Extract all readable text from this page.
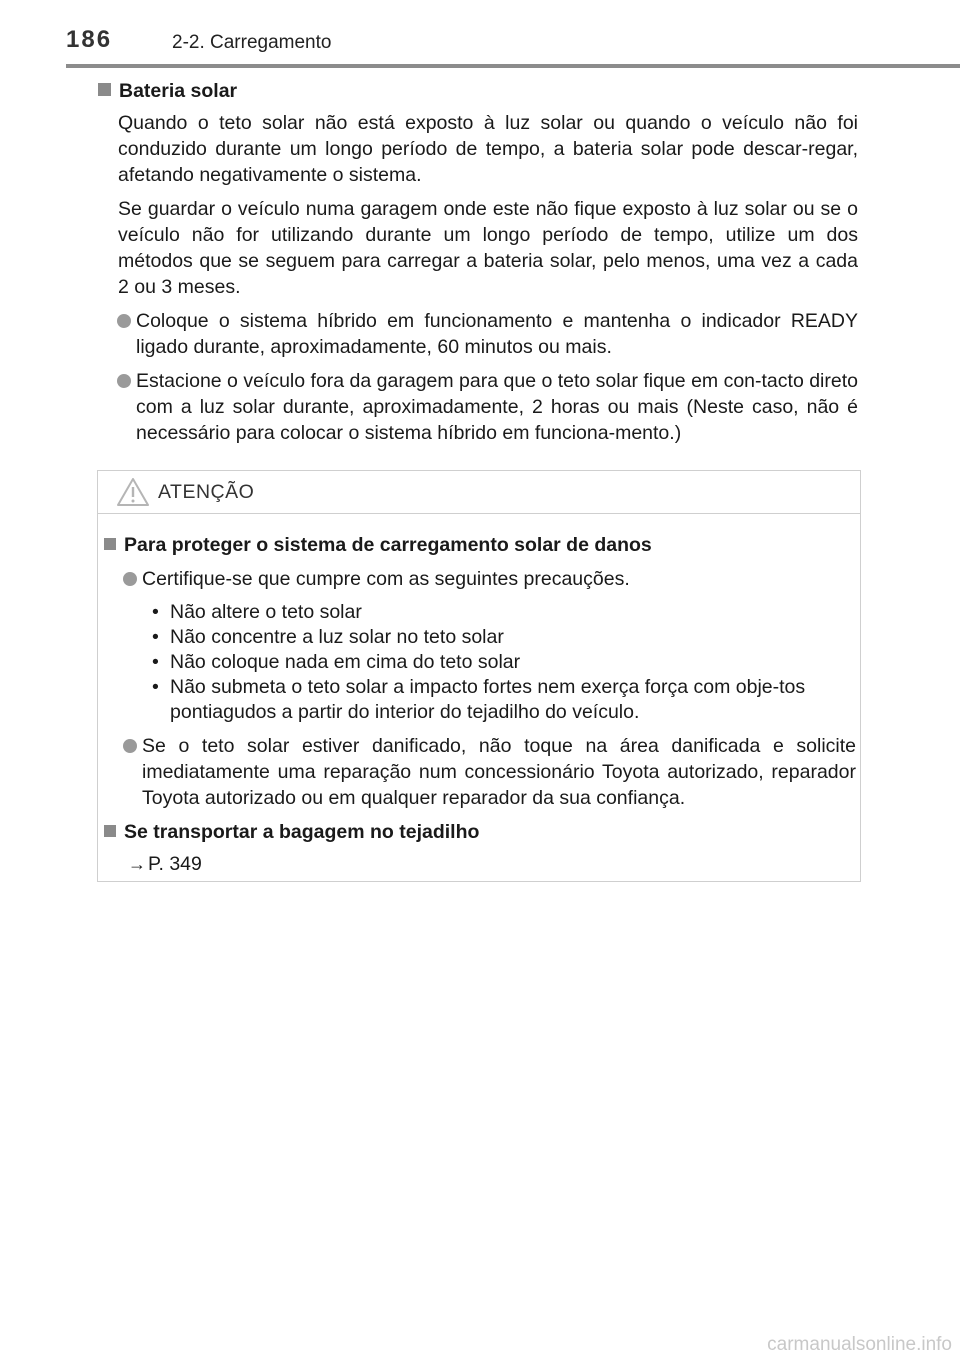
186	2-2. Carregamento
Bateria solar

Quando o teto solar não está exposto à luz solar ou quando o veículo não foi conduzido durante um longo período de tempo, a bateria solar pode descar-regar, afetando negativamente o sistema.

Se guardar o veículo numa garagem onde este não fique exposto à luz solar ou se o veículo não for utilizando durante um longo período de tempo, utilize um dos métodos que se seguem para carregar a bateria solar, pelo menos, uma vez a cada 2 ou 3 meses.

Coloque o sistema híbrido em funcionamento e mantenha o indicador READY ligado durante, aproximadamente, 60 minutos ou mais.
Estacione o veículo fora da garagem para que o teto solar fique em con-tacto direto com a luz solar durante, aproximadamente, 2 horas ou mais (Neste caso, não é necessário para colocar o sistema híbrido em funciona-mento.)
ATENÇÃO
Para proteger o sistema de carregamento solar de danos
Certifique-se que cumpre com as seguintes precauções.
• Não altere o teto solar
• Não concentre a luz solar no teto solar
• Não coloque nada em cima do teto solar
• Não submeta o teto solar a impacto fortes nem exerça força com obje-tos pontiagudos a partir do interior do tejadilho do veículo.
Se o teto solar estiver danificado, não toque na área danificada e solicite imediatamente uma reparação num concessionário Toyota autorizado, reparador Toyota autorizado ou em qualquer reparador da sua confiança.
Se transportar a bagagem no tejadilho
→ P. 349
carmanualsonline.info
